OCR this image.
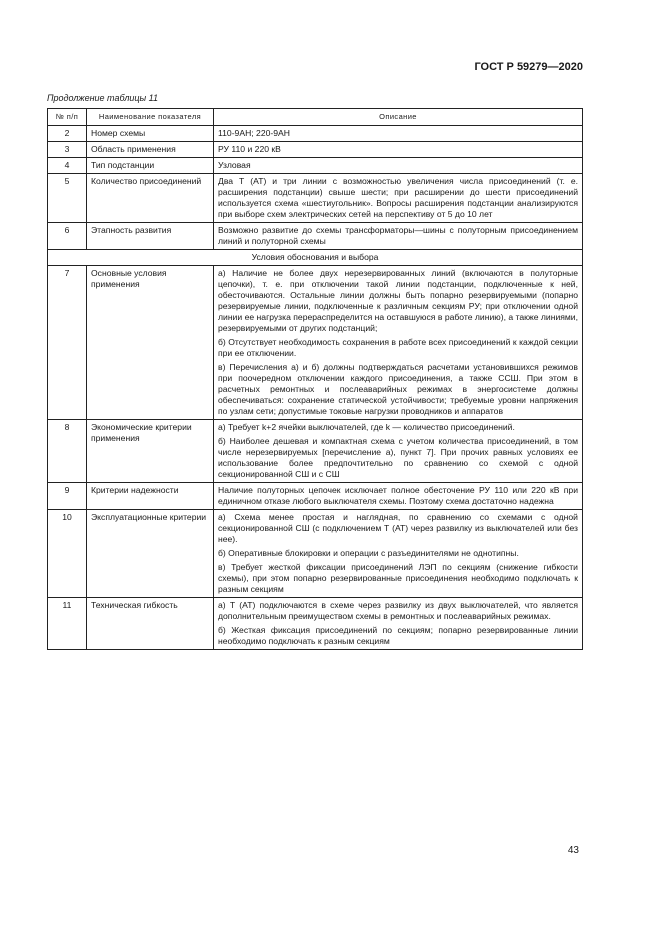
ГОСТ Р 59279—2020
Продолжение таблицы 11
№ п/п	Наименование показателя	Описание
2	Номер схемы	110-9АН; 220-9АН

3	Область применения	РУ 110 и 220 кВ

4	Тип подстанции	Узловая

5	Количество присоединений	Два Т (АТ) и три линии с возможностью увеличения числа присоединений (т. е. расширения подстанции) свыше шести; при расширении до шести присоединений используется схема «шестиугольник». Вопросы расширения подстанции анализируются при выборе схем электрических сетей на перспективу от 5 до 10 лет

6	Этапность развития	Возможно развитие до схемы трансформаторы—шины с полуторным присоединением линий и полуторной схемы

Условия обоснования и выбора		
7	Основные условия применения	а) Наличие не более двух нерезервированных линий (включаются в полуторные цепочки), т. е. при отключении такой линии подстанции, подключенные к ней, обесточиваются. Остальные линии должны быть попарно резервируемыми (попарно резервируемые линии, подключенные к различным секциям РУ; при отключении одной линии ее нагрузка перераспределится на оставшуюся в работе линию), а также линиями, резервируемыми от других подстанций;
б) Отсутствует необходимость сохранения в работе всех присоединений к каждой секции при ее отключении.
в) Перечисления а) и б) должны подтверждаться расчетами установившихся режимов при поочередном отключении каждого присоединения, а также ССШ. При этом в расчетных ремонтных и послеаварийных режимах в энергосистеме должны обеспечиваться: сохранение статической устойчивости; требуемые уровни напряжения по узлам сети; допустимые токовые нагрузки проводников и аппаратов

8	Экономические критерии применения	а) Требует k+2 ячейки выключателей, где k — количество присоединений.
б) Наиболее дешевая и компактная схема с учетом количества присоединений, в том числе нерезервируемых [перечисление а), пункт 7]. При прочих равных условиях ее использование более предпочтительно по сравнению со схемой с одной секционированной СШ и с СШ

9	Критерии надежности	Наличие полуторных цепочек исключает полное обесточение РУ 110 или 220 кВ при единичном отказе любого выключателя схемы. Поэтому схема достаточно надежна

10	Эксплуатационные критерии	а) Схема менее простая и наглядная, по сравнению со схемами с одной секционированной СШ (с подключением Т (АТ) через развилку из выключателей или без нее).
б) Оперативные блокировки и операции с разъединителями не однотипны.
в) Требует жесткой фиксации присоединений ЛЭП по секциям (снижение гибкости схемы), при этом попарно резервированные присоединения необходимо подключать к разным секциям

11	Техническая гибкость	а) Т (АТ) подключаются в схеме через развилку из двух выключателей, что является дополнительным преимуществом схемы в ремонтных и послеаварийных режимах.
б) Жесткая фиксация присоединений по секциям; попарно резервированные линии необходимо подключать к разным секциям
43
